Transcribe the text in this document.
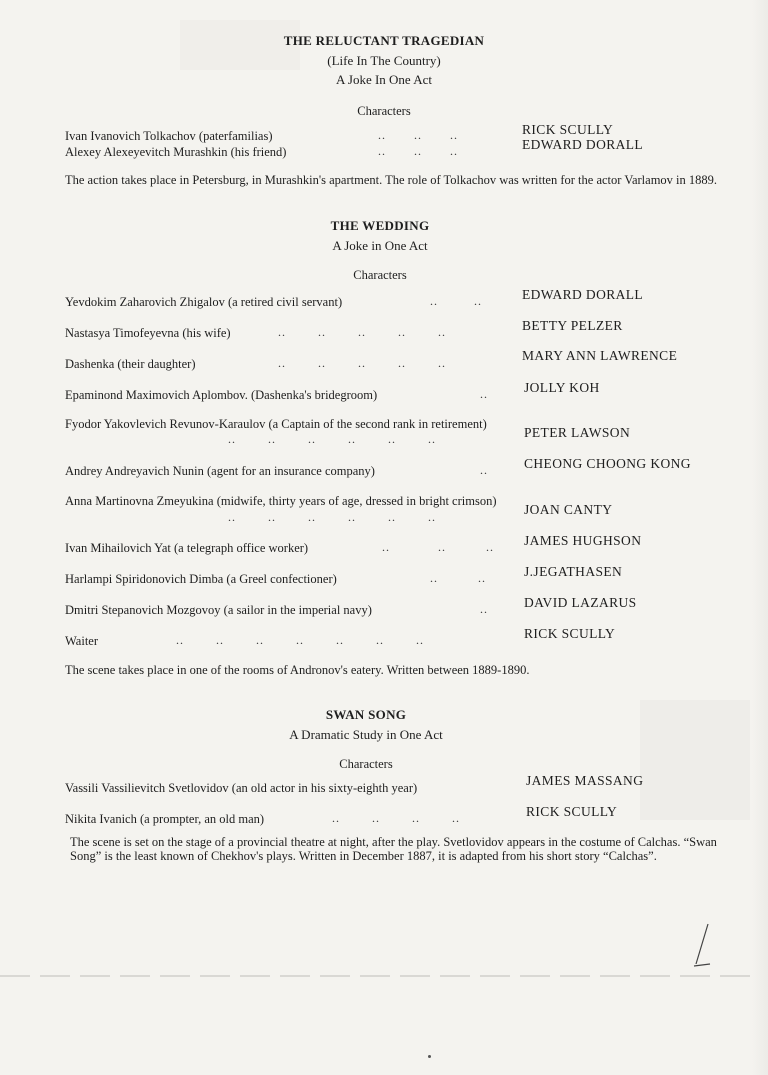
THE RELUCTANT TRAGEDIAN
(Life In The Country)
A Joke In One Act
Characters
Ivan Ivanovich Tolkachov (paterfamilias)	..       ..       ..	RICK SCULLY
Alexey Alexeyevitch Murashkin (his friend)	..       ..       ..	EDWARD DORALL
The action takes place in Petersburg, in Murashkin's apartment. The role of Tolkachov was written for the actor Varlamov in 1889.
THE WEDDING
A Joke in One Act
Characters
Yevdokim Zaharovich Zhigalov (a retired civil servant)	..         ..	EDWARD DORALL
Nastasya Timofeyevna (his wife)	..        ..        ..        ..        ..	BETTY PELZER
Dashenka (their daughter)	..        ..        ..        ..        ..	MARY ANN LAWRENCE
Epaminond Maximovich Aplombov. (Dashenka's bridegroom)	..	JOLLY KOH
Fyodor Yakovlevich Revunov-Karaulov (a Captain of the second rank in retirement)
..        ..        ..        ..        ..        ..	PETER LAWSON
Andrey Andreyavich Nunin (agent for an insurance company)	..	CHEONG CHOONG KONG
Anna Martinovna Zmeyukina (midwife, thirty years of age, dressed in bright crimson)
..        ..        ..        ..        ..        ..	JOAN CANTY
Ivan Mihailovich Yat (a telegraph office worker)	..            ..          .. JAMES HUGHSON
Harlampi Spiridonovich Dimba (a Greel confectioner)	..          ..	J.JEGATHASEN
Dmitri Stepanovich Mozgovoy (a sailor in the imperial navy)	..	DAVID LAZARUS
Waiter	..        ..        ..        ..        ..        ..        ..	RICK SCULLY
The scene takes place in one of the rooms of Andronov's eatery. Written between 1889-1890.
SWAN SONG
A Dramatic Study in One Act
Characters
Vassili Vassilievitch Svetlovidov (an old actor in his sixty-eighth year)	JAMES MASSANG
Nikita Ivanich (a prompter, an old man)	..        ..        ..        ..	RICK SCULLY
The scene is set on the stage of a provincial theatre at night, after the play. Svetlovidov appears in the costume of Calchas. “Swan Song” is the least known of Chekhov's plays. Written in December 1887, it is adapted from his short story “Calchas”.
